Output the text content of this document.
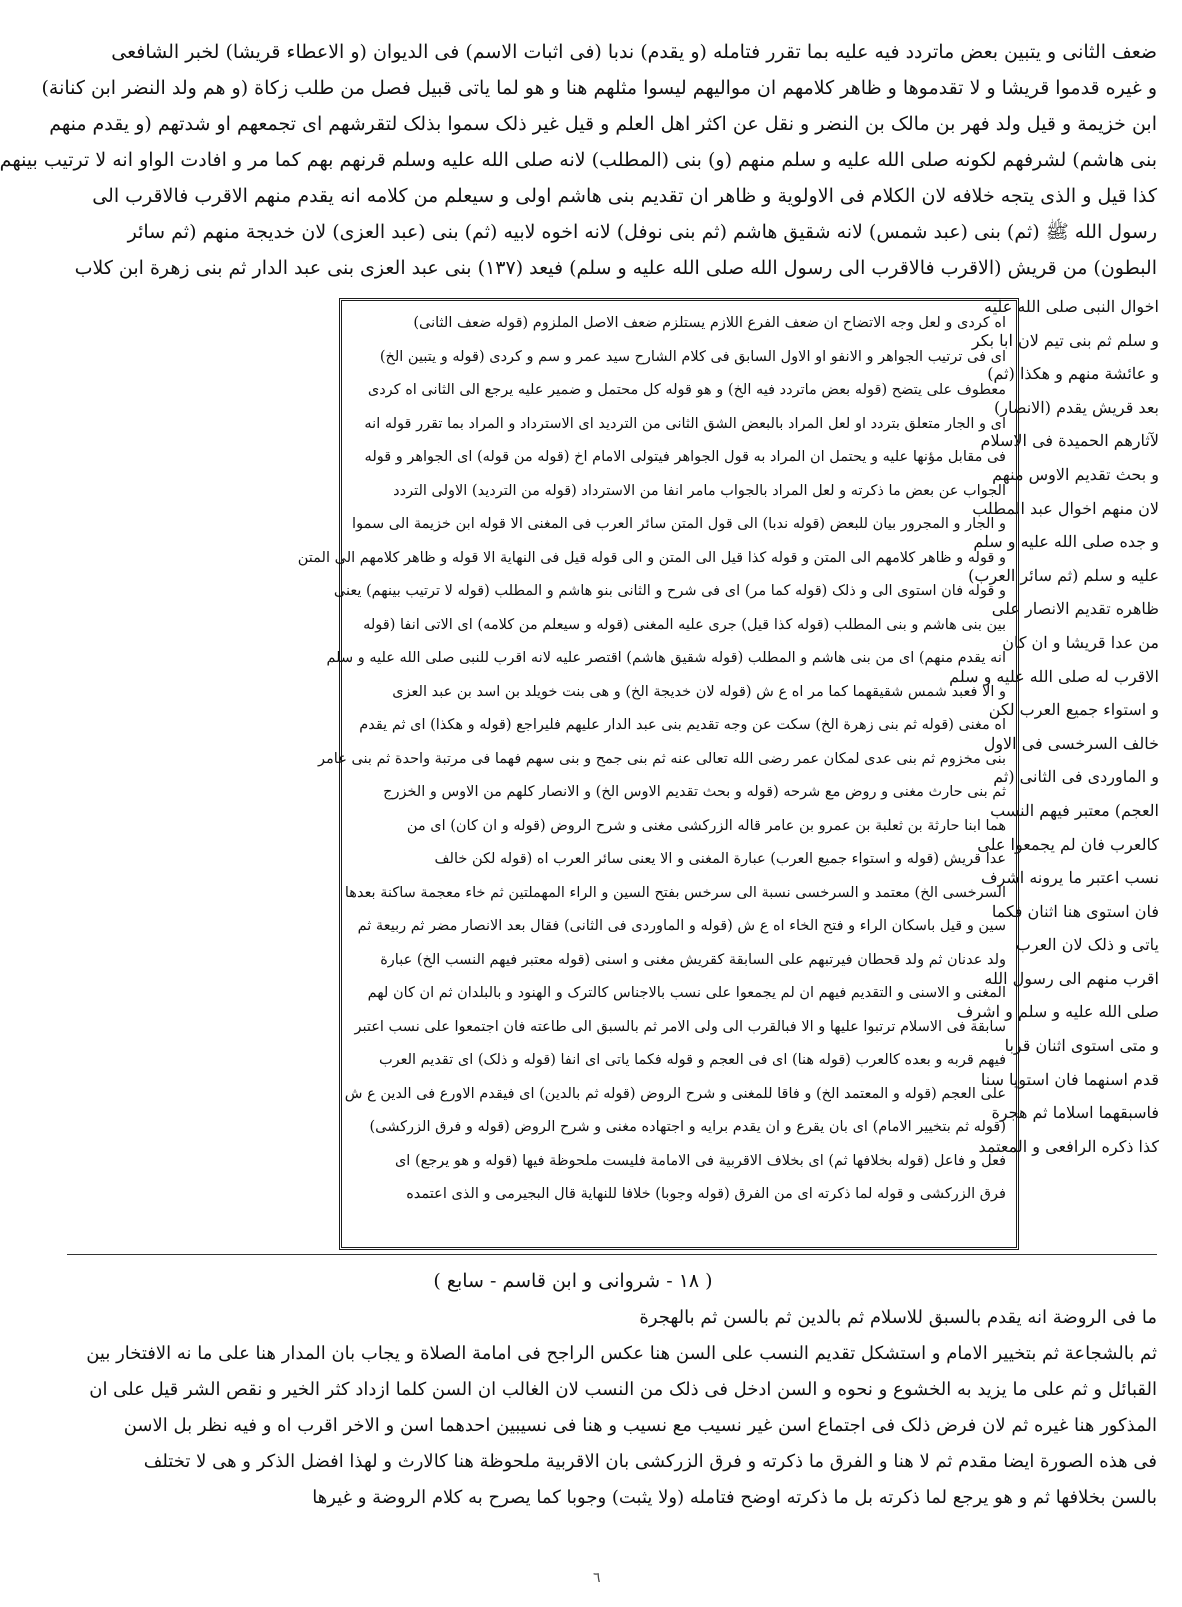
ضعف الثانی و یتبین بعض ماتردد فیه علیه بما تقرر فتامله (و یقدم) ندبا (فی اثبات الاسم) فی الدیوان (و الاعطاء قریشا) لخبر الشافعی
و غیره قدموا قریشا و لا تقدموها و ظاهر کلامهم ان موالیهم لیسوا مثلهم هنا و هو لما یاتی قبیل فصل من طلب زکاة (و هم ولد النضر ابن کنانة)
ابن خزیمة و قیل ولد فهر بن مالک بن النضر و نقل عن اکثر اهل العلم و قیل غیر ذلک سموا بذلک لتقرشهم ای تجمعهم او شدتهم (و یقدم منهم
بنی هاشم) لشرفهم لکونه صلی الله علیه و سلم منهم (و) بنی (المطلب) لانه صلی الله علیه وسلم قرنهم بهم کما مر و افادت الواو انه لا ترتیب بینهم
کذا قیل و الذی یتجه خلافه لان الکلام فی الاولویة و ظاهر ان تقدیم بنی هاشم اولی و سیعلم من کلامه انه یقدم منهم الاقرب فالاقرب الی
رسول الله ﷺ (ثم) بنی (عبد شمس) لانه شقیق هاشم (ثم بنی نوفل) لانه اخوه لابیه (ثم) بنی (عبد العزی) لان خدیجة منهم (ثم سائر
البطون) من قریش (الاقرب فالاقرب الی رسول الله صلی الله علیه و سلم) فیعد (١٣٧) بنی عبد العزی بنی عبد الدار ثم بنی زهرة ابن کلاب
اخوال النبی صلی الله علیه
و سلم ثم بنی تیم لان ابا بکر
و عائشة منهم و هکذا (ثم)
بعد قریش یقدم (الانصار)
لآثارهم الحمیدة فی الاسلام
و بحث تقدیم الاوس منهم
لان منهم اخوال عبد المطلب
و جده صلی الله علیه و سلم
علیه و سلم (ثم سائر العرب)
ظاهره تقدیم الانصار علی
من عدا قریشا و ان کان
الاقرب له صلی الله علیه و سلم
و استواء جمیع العرب لکن
خالف السرخسی فی الاول
و الماوردی فی الثانی (ثم
العجم) معتبر فیهم النسب
کالعرب فان لم یجمعوا علی
نسب اعتبر ما یرونه اشرف
فان استوی هنا اثنان فکما
یاتی و ذلک لان العرب
اقرب منهم الی رسول الله
صلی الله علیه و سلم و اشرف
و متی استوی اثنان قربا
قدم اسنهما فان استویا سنا
فاسبقهما اسلاما ثم هجرة
کذا ذکره الرافعی و المعتمد
اه کردی و لعل وجه الاتضاح ان ضعف الفرع اللازم یستلزم ضعف الاصل الملزوم (قوله ضعف الثانی)
ای فی ترتیب الجواهر و الانفو او الاول السابق فی کلام الشارح سید عمر و سم و کردی (قوله و یتبین الخ)
معطوف علی یتضح (قوله بعض ماتردد فیه الخ) و هو قوله کل محتمل و ضمیر علیه یرجع الی الثانی اه کردی
ای و الجار متعلق بتردد او لعل المراد بالبعض الشق الثانی من التردید ای الاسترداد و المراد بما تقرر قوله انه
فی مقابل مؤنها علیه و یحتمل ان المراد به قول الجواهر فیتولی الامام اخ (قوله من قوله) ای الجواهر و قوله
الجواب عن بعض ما ذکرته و لعل المراد بالجواب مامر انفا من الاسترداد (قوله من التردید) الاولی التردد
و الجار و المجرور بیان للبعض (قوله ندبا) الی قول المتن سائر العرب فی المغنی الا قوله ابن خزیمة الی سموا
و قوله و ظاهر کلامهم الی المتن و قوله کذا قیل الی المتن و الی قوله قیل فی النهایة الا قوله و ظاهر کلامهم الی المتن
و قوله فان استوی الی و ذلک (قوله کما مر) ای فی شرح و الثانی بنو هاشم و المطلب (قوله لا ترتیب بینهم) یعنی
بین بنی هاشم و بنی المطلب (قوله کذا قیل) جری علیه المغنی (قوله و سیعلم من کلامه) ای الاتی انفا (قوله
انه یقدم منهم) ای من بنی هاشم و المطلب (قوله شقیق هاشم) اقتصر علیه لانه اقرب للنبی صلی الله علیه و سلم
و الا فعبد شمس شقیقهما کما مر اه ع ش (قوله لان خدیجة الخ) و هی بنت خویلد بن اسد بن عبد العزی
اه مغنی (قوله ثم بنی زهرة الخ) سکت عن وجه تقدیم بنی عبد الدار علیهم فلیراجع (قوله و هکذا) ای ثم یقدم
بنی مخزوم ثم بنی عدی لمکان عمر رضی الله تعالی عنه ثم بنی جمح و بنی سهم فهما فی مرتبة واحدة ثم بنی عامر
ثم بنی حارث مغنی و روض مع شرحه (قوله و بحث تقدیم الاوس الخ) و الانصار کلهم من الاوس و الخزرج
هما ابنا حارثة بن ثعلبة بن عمرو بن عامر قاله الزرکشی مغنی و شرح الروض (قوله و ان کان) ای من
عدا قریش (قوله و استواء جمیع العرب) عبارة المغنی و الا یعنی سائر العرب اه (قوله لکن خالف
السرخسی الخ) معتمد و السرخسی نسبة الی سرخس بفتح السین و الراء المهملتین ثم خاء معجمة ساکنة بعدها
سین و قیل باسکان الراء و فتح الخاء اه ع ش (قوله و الماوردی فی الثانی) فقال بعد الانصار مضر ثم ربیعة ثم
ولد عدنان ثم ولد قحطان فیرتبهم علی السابقة کقریش مغنی و اسنی (قوله معتبر فیهم النسب الخ) عبارة
المغنی و الاسنی و التقدیم فیهم ان لم یجمعوا علی نسب بالاجناس کالترک و الهنود و بالبلدان ثم ان کان لهم
سابقة فی الاسلام ترتبوا علیها و الا فبالقرب الی ولی الامر ثم بالسبق الی طاعته فان اجتمعوا علی نسب اعتبر
فیهم قربه و بعده کالعرب (قوله هنا) ای فی العجم و قوله فکما یاتی ای انفا (قوله و ذلک) ای تقدیم العرب
علی العجم (قوله و المعتمد الخ) و فاقا للمغنی و شرح الروض (قوله ثم بالدین) ای فیقدم الاورع فی الدین ع ش
(قوله ثم بتخییر الامام) ای بان یقرع و ان یقدم برایه و اجتهاده مغنی و شرح الروض (قوله و فرق الزرکشی)
فعل و فاعل (قوله بخلافها ثم) ای بخلاف الاقربیة فی الامامة فلیست ملحوظة فیها (قوله و هو یرجع) ای
فرق الزرکشی و قوله لما ذکرته ای من الفرق (قوله وجوبا) خلافا للنهایة قال البجیرمی و الذی اعتمده
( ١٨ - شروانی و ابن قاسم - سابع )
ما فی الروضة انه یقدم بالسبق للاسلام ثم بالدین ثم بالسن ثم بالهجرة
ثم بالشجاعة ثم بتخییر الامام و استشکل تقدیم النسب علی السن هنا عکس الراجح فی امامة الصلاة و یجاب بان المدار هنا علی ما نه الافتخار بین
القبائل و ثم علی ما یزید به الخشوع و نحوه و السن ادخل فی ذلک من النسب لان الغالب ان السن کلما ازداد کثر الخیر و نقص الشر قیل علی ان
المذکور هنا غیره ثم لان فرض ذلک فی اجتماع اسن غیر نسیب مع نسیب و هنا فی نسیبین احدهما اسن و الاخر اقرب اه و فیه نظر بل الاسن
فی هذه الصورة ایضا مقدم ثم لا هنا و الفرق ما ذکرته و فرق الزرکشی بان الاقربیة ملحوظة هنا کالارث و لهذا افضل الذکر و هی لا تختلف
بالسن بخلافها ثم و هو یرجع لما ذکرته بل ما ذکرته اوضح فتامله (ولا یثبت) وجوبا کما یصرح به کلام الروضة و غیرها
٦
